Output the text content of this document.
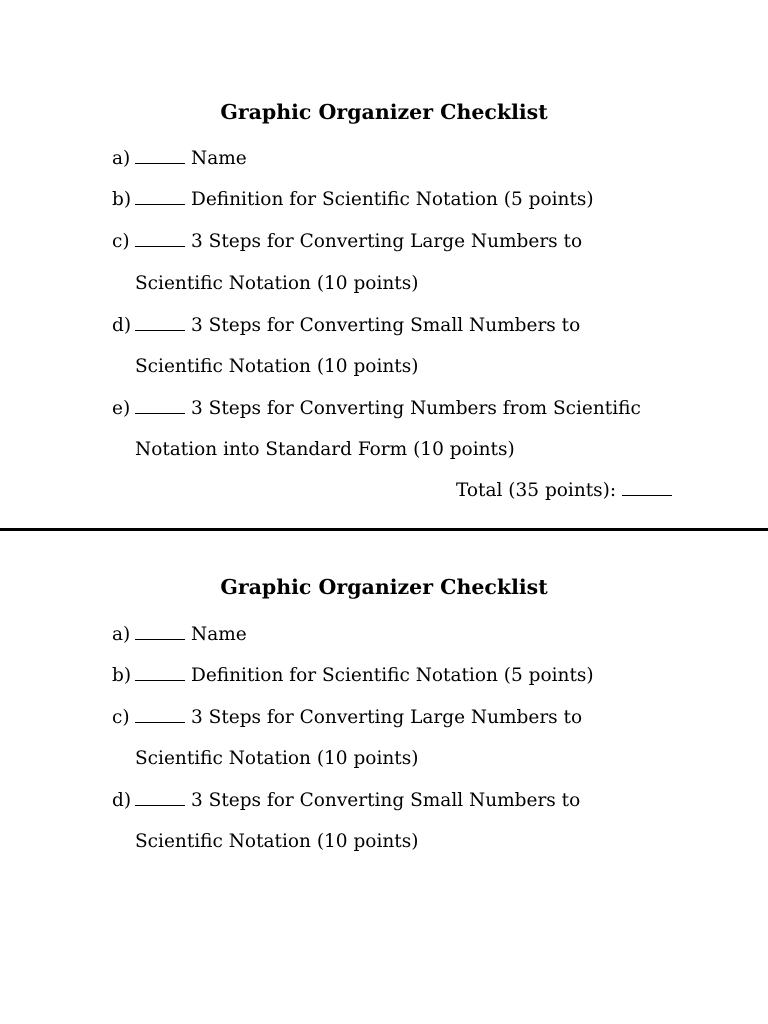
Graphic Organizer Checklist
a)	Name
b)	Definition for Scientific Notation (5 points)
c)	3 Steps for Converting Large Numbers to
Scientific Notation (10 points)
d)	3 Steps for Converting Small Numbers to
Scientific Notation (10 points)
e)	3 Steps for Converting Numbers from Scientific
Notation into Standard Form (10 points)
Total (35 points):
Graphic Organizer Checklist
a)	Name
b)	Definition for Scientific Notation (5 points)
c)	3 Steps for Converting Large Numbers to
Scientific Notation (10 points)
d)	3 Steps for Converting Small Numbers to
Scientific Notation (10 points)
